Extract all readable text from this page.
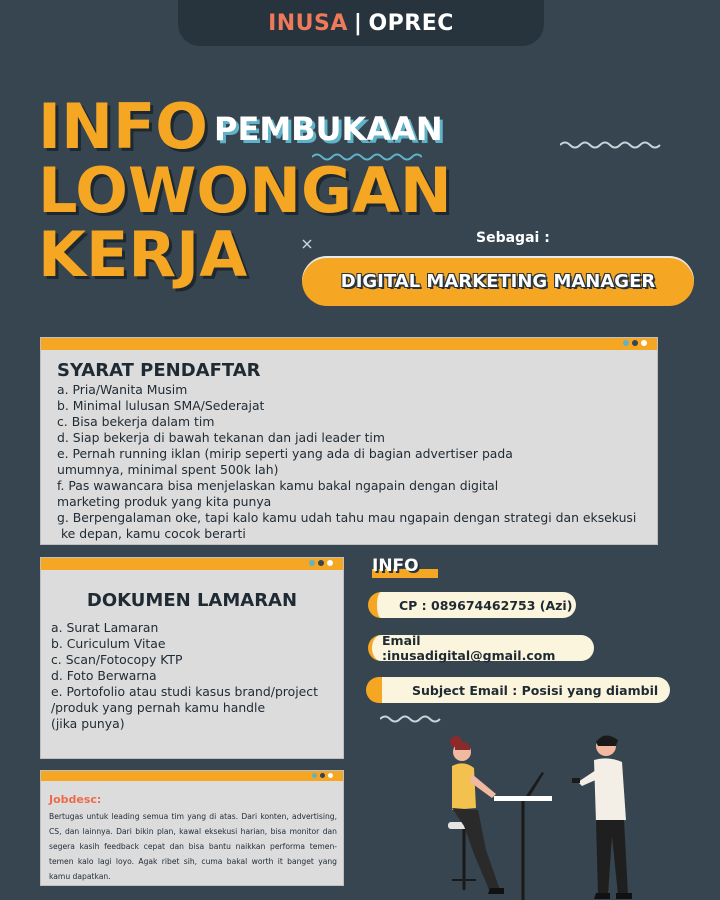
INUSA | OPREC
INFO PEMBUKAAN
LOWONGAN
KERJA	Sebagai :
DIGITAL MARKETING MANAGER
SYARAT PENDAFTAR
a. Pria/Wanita Musim
b. Minimal lulusan SMA/Sederajat
c. Bisa bekerja dalam tim
d. Siap bekerja di bawah tekanan dan jadi leader tim
e. Pernah running iklan (mirip seperti yang ada di bagian advertiser pada
umumnya, minimal spent 500k lah)
f. Pas wawancara bisa menjelaskan kamu bakal ngapain dengan digital
marketing produk yang kita punya
g. Berpengalaman oke, tapi kalo kamu udah tahu mau ngapain dengan strategi dan eksekusi
ke depan, kamu cocok berarti
DOKUMEN LAMARAN
a. Surat Lamaran
b. Curiculum Vitae
c. Scan/Fotocopy KTP
d. Foto Berwarna
e. Portofolio atau studi kasus brand/project
/produk yang pernah kamu handle
(jika punya)
Jobdesc:
Bertugas untuk leading semua tim yang di atas. Dari konten, advertising, CS, dan lainnya. Dari bikin plan, kawal eksekusi harian, bisa monitor dan segera kasih feedback cepat dan bisa bantu naikkan performa temen-temen kalo lagi loyo. Agak ribet sih, cuma bakal worth it banget yang kamu dapatkan.
INFO
CP : 089674462753 (Azi)
Email :inusadigital@gmail.com
Subject Email : Posisi yang diambil
